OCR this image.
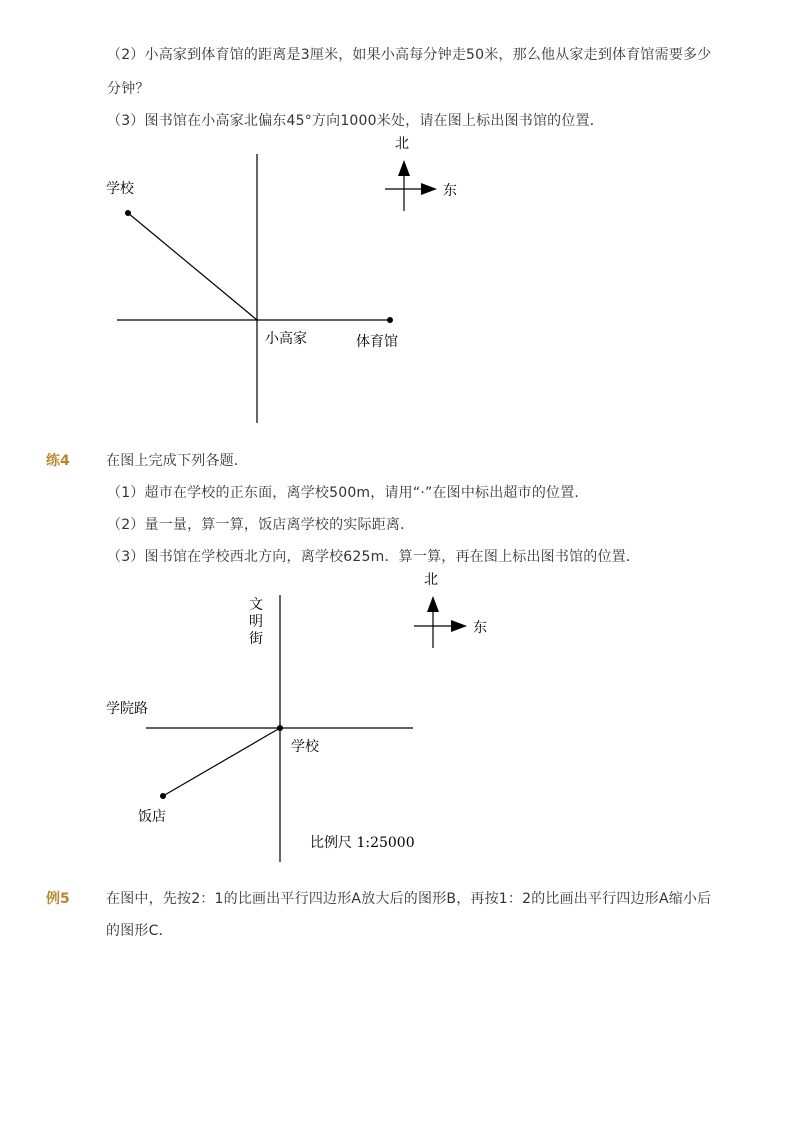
（2）小高家到体育馆的距离是3厘米，如果小高每分钟走50米，那么他从家走到体育馆需要多少
分钟？
（3）图书馆在小高家北偏东45°方向1000米处，请在图上标出图书馆的位置．
北
东
学校
小高家	体育馆
北
东
文
明
街
学院路
学校
饭店
比例尺 1:25000
练4	在图上完成下列各题．
（1）超市在学校的正东面，离学校500m，请用“·”在图中标出超市的位置．
（2）量一量，算一算，饭店离学校的实际距离．
（3）图书馆在学校西北方向，离学校625m．算一算，再在图上标出图书馆的位置．
例5	在图中，先按2：1的比画出平行四边形A放大后的图形B，再按1：2的比画出平行四边形A缩小后
的图形C．
